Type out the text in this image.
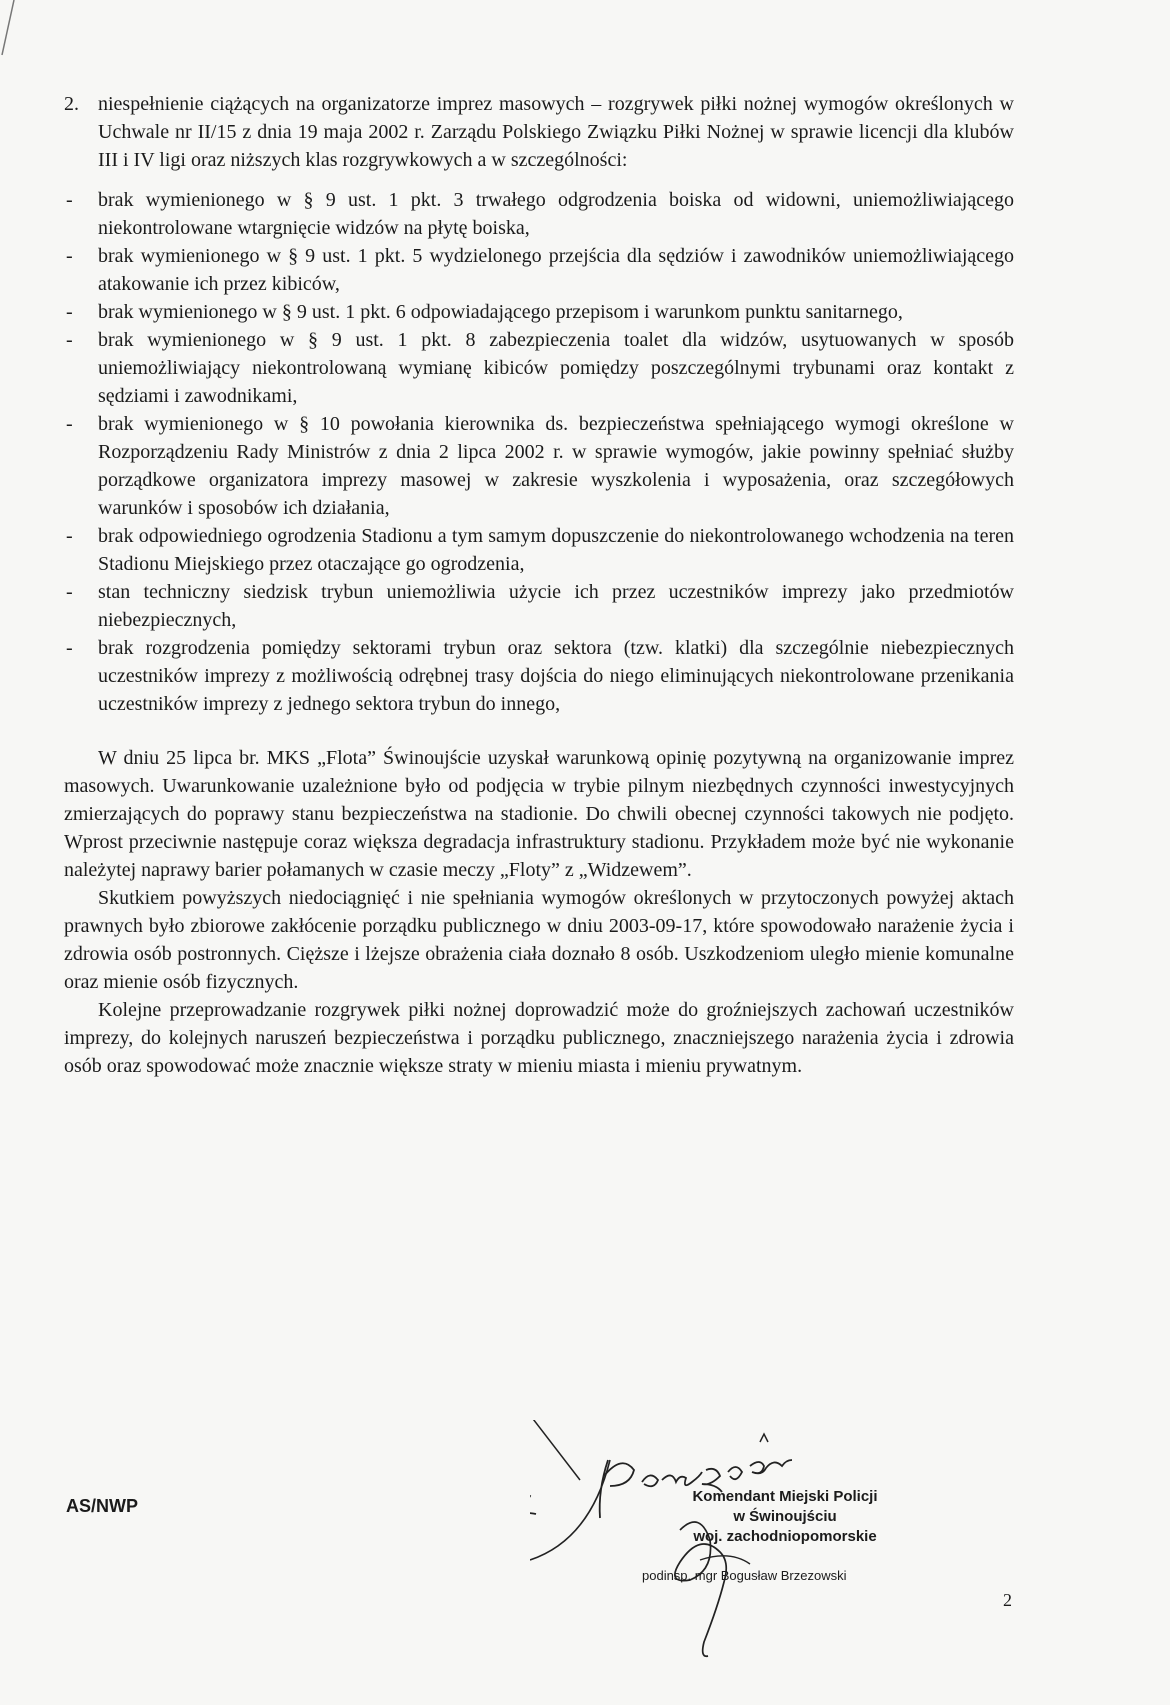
2. niespełnienie ciążących na organizatorze imprez masowych – rozgrywek piłki nożnej wymogów określonych w Uchwale nr II/15 z dnia 19 maja 2002 r. Zarządu Polskiego Związku Piłki Nożnej w sprawie licencji dla klubów III i IV ligi oraz niższych klas rozgrywkowych a w szczególności:

- brak wymienionego w § 9 ust. 1 pkt. 3 trwałego odgrodzenia boiska od widowni, uniemożliwiającego niekontrolowane wtargnięcie widzów na płytę boiska,

- brak wymienionego w § 9 ust. 1 pkt. 5 wydzielonego przejścia dla sędziów i zawodników uniemożliwiającego atakowanie ich przez kibiców,

- brak wymienionego w § 9 ust. 1 pkt. 6 odpowiadającego przepisom i warunkom punktu sanitarnego,

- brak wymienionego w § 9 ust. 1 pkt. 8 zabezpieczenia toalet dla widzów, usytuowanych w sposób uniemożliwiający niekontrolowaną wymianę kibiców pomiędzy poszczególnymi trybunami oraz kontakt z sędziami i zawodnikami,

- brak wymienionego w § 10 powołania kierownika ds. bezpieczeństwa spełniającego wymogi określone w Rozporządzeniu Rady Ministrów z dnia 2 lipca 2002 r. w sprawie wymogów, jakie powinny spełniać służby porządkowe organizatora imprezy masowej w zakresie wyszkolenia i wyposażenia, oraz szczegółowych warunków i sposobów ich działania,

- brak odpowiedniego ogrodzenia Stadionu a tym samym dopuszczenie do niekontrolowanego wchodzenia na teren Stadionu Miejskiego przez otaczające go ogrodzenia,

- stan techniczny siedzisk trybun uniemożliwia użycie ich przez uczestników imprezy jako przedmiotów niebezpiecznych,

- brak rozgrodzenia pomiędzy sektorami trybun oraz sektora (tzw. klatki) dla szczególnie niebezpiecznych uczestników imprezy z możliwością odrębnej trasy dojścia do niego eliminujących niekontrolowane przenikania uczestników imprezy z jednego sektora trybun do innego,

W dniu 25 lipca br. MKS „Flota” Świnoujście uzyskał warunkową opinię pozytywną na organizowanie imprez masowych. Uwarunkowanie uzależnione było od podjęcia w trybie pilnym niezbędnych czynności inwestycyjnych zmierzających do poprawy stanu bezpieczeństwa na stadionie. Do chwili obecnej czynności takowych nie podjęto. Wprost przeciwnie następuje coraz większa degradacja infrastruktury stadionu. Przykładem może być nie wykonanie należytej naprawy barier połamanych w czasie meczy „Floty” z „Widzewem”.

Skutkiem powyższych niedociągnięć i nie spełniania wymogów określonych w przytoczonych powyżej aktach prawnych było zbiorowe zakłócenie porządku publicznego w dniu 2003-09-17, które spowodowało narażenie życia i zdrowia osób postronnych. Cięższe i lżejsze obrażenia ciała doznało 8 osób. Uszkodzeniom uległo mienie komunalne oraz mienie osób fizycznych.

Kolejne przeprowadzanie rozgrywek piłki nożnej doprowadzić może do groźniejszych zachowań uczestników imprezy, do kolejnych naruszeń bezpieczeństwa i porządku publicznego, znaczniejszego narażenia życia i zdrowia osób oraz spowodować może znacznie większe straty w mieniu miasta i mieniu prywatnym.

AS/NWP	Komendant Miejski Policji
w Świnoujściu
woj. zachodniopomorskie
podinsp. mgr Bogusław Brzezowski
2
